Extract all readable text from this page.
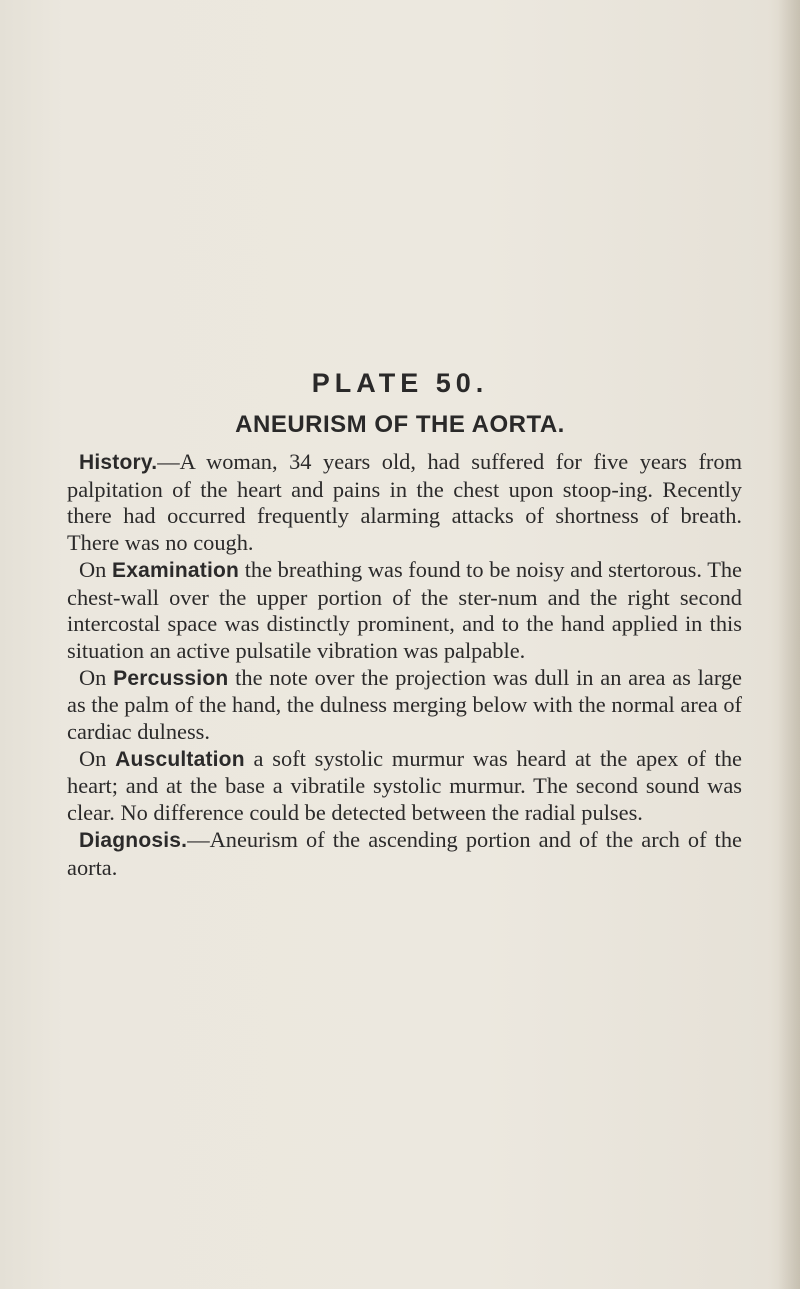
PLATE 50.
ANEURISM OF THE AORTA.

History.—A woman, 34 years old, had suffered for five years from palpitation of the heart and pains in the chest upon stoop-ing. Recently there had occurred frequently alarming attacks of shortness of breath. There was no cough.

On Examination the breathing was found to be noisy and stertorous. The chest-wall over the upper portion of the ster-num and the right second intercostal space was distinctly prominent, and to the hand applied in this situation an active pulsatile vibration was palpable.

On Percussion the note over the projection was dull in an area as large as the palm of the hand, the dulness merging below with the normal area of cardiac dulness.

On Auscultation a soft systolic murmur was heard at the apex of the heart; and at the base a vibratile systolic murmur. The second sound was clear. No difference could be detected between the radial pulses.

Diagnosis.—Aneurism of the ascending portion and of the arch of the aorta.
